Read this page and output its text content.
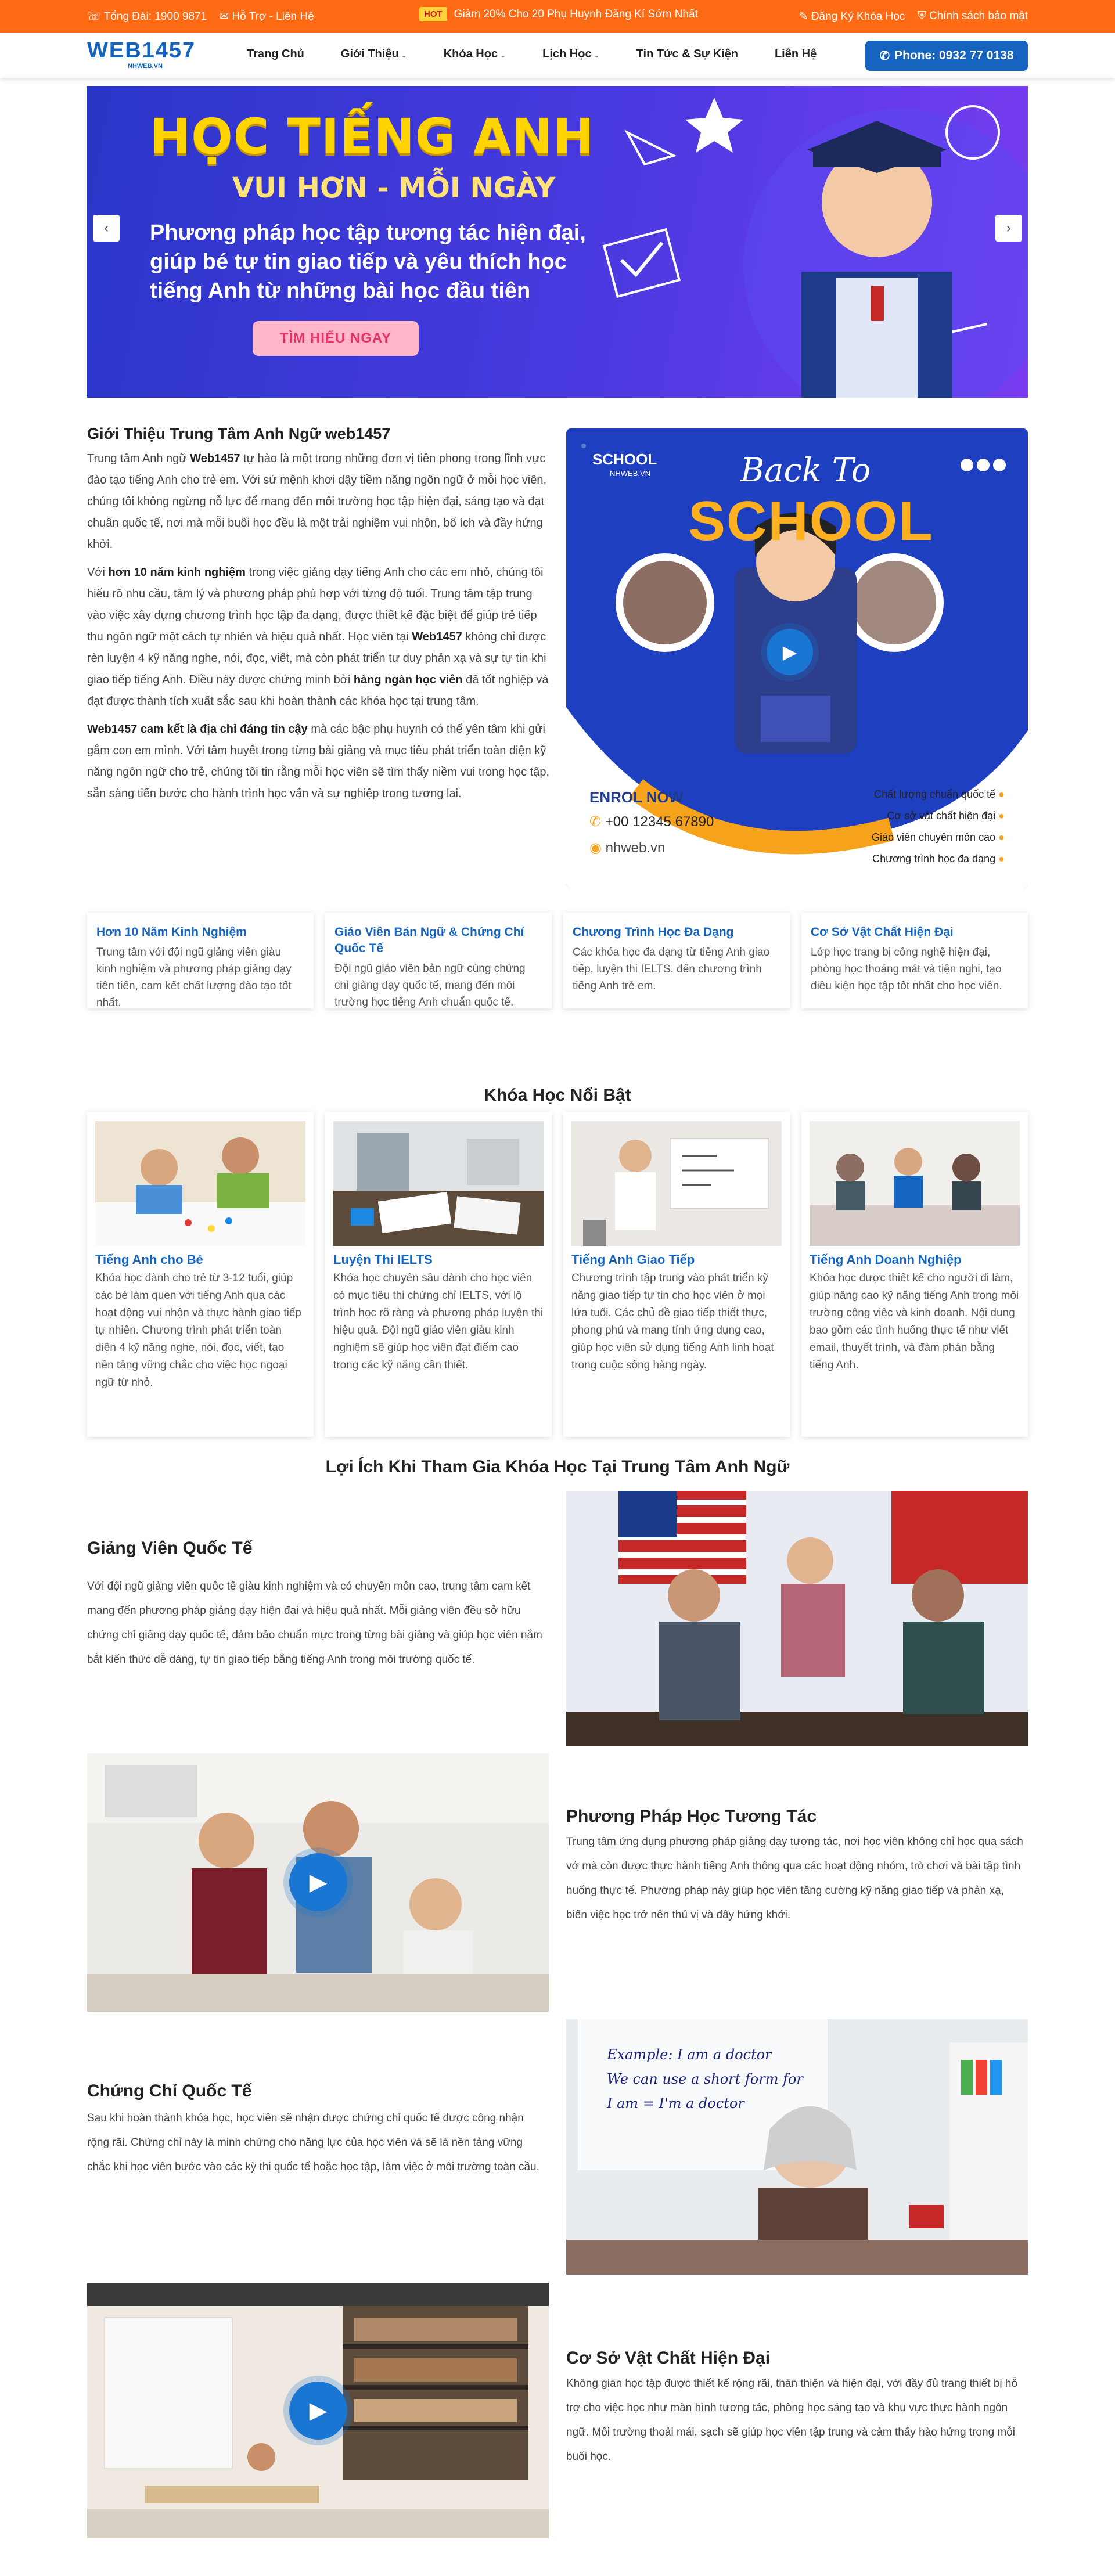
☏ Tổng Đài: 1900 9871 ✉ Hỗ Trợ - Liên Hệ	HOT	Giảm 20% Cho 20 Phụ Huynh Đăng Kí Sớm Nhất	✎ Đăng Ký Khóa Học ⛨ Chính sách bảo mật
WEB1457
NHWEB.VN
Trang Chủ	Giới Thiệu ⌄	Khóa Học ⌄	Lịch Học ⌄	Tin Tức & Sự Kiện	Liên Hệ	✆ Phone: 0932 77 0138
HỌC TIẾNG ANH
VUI HƠN - MỖI NGÀY
Phương pháp học tập tương tác hiện đại, giúp bé tự tin giao tiếp và yêu thích học tiếng Anh từ những bài học đầu tiên
TÌM HIỂU NGAY
‹	›
Giới Thiệu Trung Tâm Anh Ngữ web1457

Trung tâm Anh ngữ Web1457 tự hào là một trong những đơn vị tiên phong trong lĩnh vực đào tạo tiếng Anh cho trẻ em. Với sứ mệnh khơi dậy tiềm năng ngôn ngữ ở mỗi học viên, chúng tôi không ngừng nỗ lực để mang đến môi trường học tập hiện đại, sáng tạo và đạt chuẩn quốc tế, nơi mà mỗi buổi học đều là một trải nghiệm vui nhộn, bổ ích và đầy hứng khởi.

Với hơn 10 năm kinh nghiệm trong việc giảng dạy tiếng Anh cho các em nhỏ, chúng tôi hiểu rõ nhu cầu, tâm lý và phương pháp phù hợp với từng độ tuổi. Trung tâm tập trung vào việc xây dựng chương trình học tập đa dạng, được thiết kế đặc biệt để giúp trẻ tiếp thu ngôn ngữ một cách tự nhiên và hiệu quả nhất. Học viên tại Web1457 không chỉ được rèn luyện 4 kỹ năng nghe, nói, đọc, viết, mà còn phát triển tư duy phản xạ và sự tự tin khi giao tiếp tiếng Anh. Điều này được chứng minh bởi hàng ngàn học viên đã tốt nghiệp và đạt được thành tích xuất sắc sau khi hoàn thành các khóa học tại trung tâm.

Web1457 cam kết là địa chỉ đáng tin cậy mà các bậc phụ huynh có thể yên tâm khi gửi gắm con em mình. Với tâm huyết trong từng bài giảng và mục tiêu phát triển toàn diện kỹ năng ngôn ngữ cho trẻ, chúng tôi tin rằng mỗi học viên sẽ tìm thấy niềm vui trong học tập, sẵn sàng tiến bước cho hành trình học vấn và sự nghiệp trong tương lai.

SCHOOL
NHWEB.VN	Back To
SCHOOL
▶
ENROL NOW
✆ +00 12345 67890
◉ nhweb.vn
Chất lượng chuẩn quốc tế ●
Cơ sở vật chất hiện đại ●
Giáo viên chuyên môn cao ●
Chương trình học đa dạng ●
Hơn 10 Năm Kinh Nghiệm
Trung tâm với đội ngũ giảng viên giàu kinh nghiệm và phương pháp giảng dạy tiên tiến, cam kết chất lượng đào tạo tốt nhất.
Giáo Viên Bản Ngữ & Chứng Chỉ Quốc Tế
Đội ngũ giáo viên bản ngữ cùng chứng chỉ giảng dạy quốc tế, mang đến môi trường học tiếng Anh chuẩn quốc tế.
Chương Trình Học Đa Dạng
Các khóa học đa dạng từ tiếng Anh giao tiếp, luyện thi IELTS, đến chương trình tiếng Anh trẻ em.
Cơ Sở Vật Chất Hiện Đại
Lớp học trang bị công nghệ hiện đại, phòng học thoáng mát và tiện nghi, tạo điều kiện học tập tốt nhất cho học viên.
Khóa Học Nổi Bật
Tiếng Anh cho Bé
Khóa học dành cho trẻ từ 3-12 tuổi, giúp các bé làm quen với tiếng Anh qua các hoạt động vui nhộn và thực hành giao tiếp tự nhiên. Chương trình phát triển toàn diện 4 kỹ năng nghe, nói, đọc, viết, tạo nền tảng vững chắc cho việc học ngoại ngữ từ nhỏ.
Luyện Thi IELTS
Khóa học chuyên sâu dành cho học viên có mục tiêu thi chứng chỉ IELTS, với lộ trình học rõ ràng và phương pháp luyện thi hiệu quả. Đội ngũ giáo viên giàu kinh nghiệm sẽ giúp học viên đạt điểm cao trong các kỹ năng cần thiết.
Tiếng Anh Giao Tiếp
Chương trình tập trung vào phát triển kỹ năng giao tiếp tự tin cho học viên ở mọi lứa tuổi. Các chủ đề giao tiếp thiết thực, phong phú và mang tính ứng dụng cao, giúp học viên sử dụng tiếng Anh linh hoạt trong cuộc sống hàng ngày.
Tiếng Anh Doanh Nghiệp
Khóa học được thiết kế cho người đi làm, giúp nâng cao kỹ năng tiếng Anh trong môi trường công việc và kinh doanh. Nội dung bao gồm các tình huống thực tế như viết email, thuyết trình, và đàm phán bằng tiếng Anh.
Lợi Ích Khi Tham Gia Khóa Học Tại Trung Tâm Anh Ngữ
Giảng Viên Quốc Tế
Với đội ngũ giảng viên quốc tế giàu kinh nghiệm và có chuyên môn cao, trung tâm cam kết mang đến phương pháp giảng dạy hiện đại và hiệu quả nhất. Mỗi giảng viên đều sở hữu chứng chỉ giảng dạy quốc tế, đảm bảo chuẩn mực trong từng bài giảng và giúp học viên nắm bắt kiến thức dễ dàng, tự tin giao tiếp bằng tiếng Anh trong môi trường quốc tế.
▶
Phương Pháp Học Tương Tác
Trung tâm ứng dụng phương pháp giảng dạy tương tác, nơi học viên không chỉ học qua sách vở mà còn được thực hành tiếng Anh thông qua các hoạt động nhóm, trò chơi và bài tập tình huống thực tế. Phương pháp này giúp học viên tăng cường kỹ năng giao tiếp và phản xạ, biến việc học trở nên thú vị và đầy hứng khởi.
Chứng Chỉ Quốc Tế
Sau khi hoàn thành khóa học, học viên sẽ nhận được chứng chỉ quốc tế được công nhận rộng rãi. Chứng chỉ này là minh chứng cho năng lực của học viên và sẽ là nền tảng vững chắc khi học viên bước vào các kỳ thi quốc tế hoặc học tập, làm việc ở môi trường toàn cầu.
Example: I am a doctor
We can use a short form for
I am = I'm a doctor
▶
Cơ Sở Vật Chất Hiện Đại
Không gian học tập được thiết kế rộng rãi, thân thiện và hiện đại, với đầy đủ trang thiết bị hỗ trợ cho việc học như màn hình tương tác, phòng học sáng tạo và khu vực thực hành ngôn ngữ. Môi trường thoải mái, sạch sẽ giúp học viên tập trung và cảm thấy hào hứng trong mỗi buổi học.
